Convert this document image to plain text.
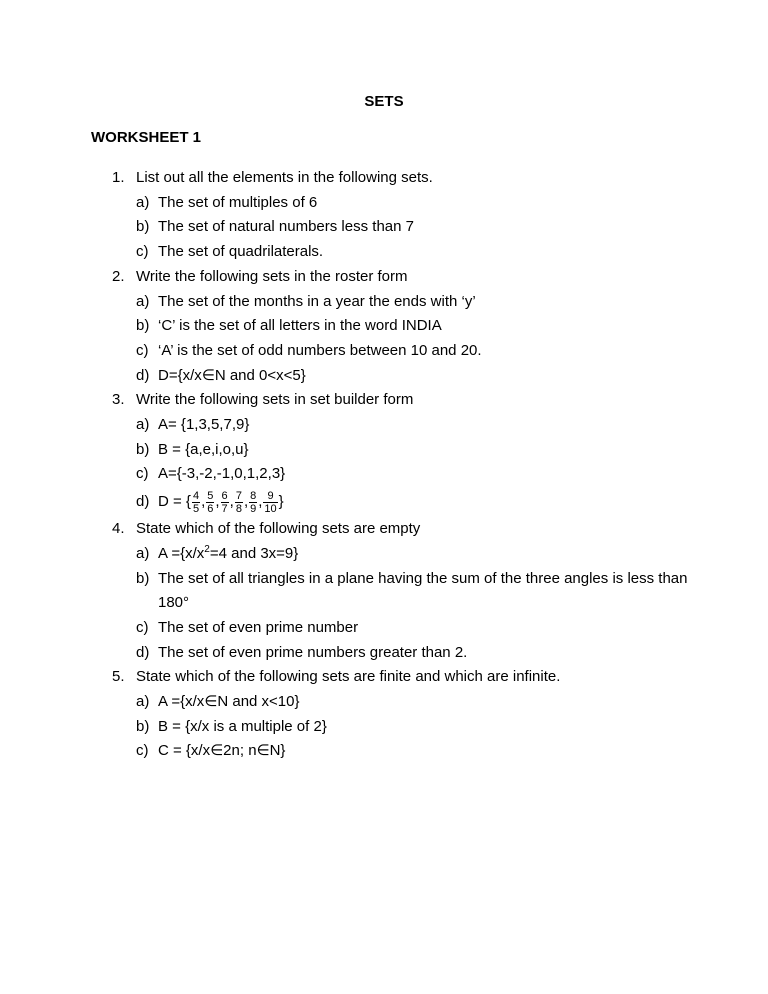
SETS
WORKSHEET 1
1. List out all the elements in the following sets.
a) The set of multiples of 6
b) The set of natural numbers less than 7
c) The set of quadrilaterals.
2. Write the following sets in the roster form
a) The set of the months in a year the ends with ‘y’
b) ‘C’ is the set of all letters in the word INDIA
c) ‘A’ is the set of odd numbers between 10 and 20.
d) D={x/x∈N and 0<x<5}
3. Write the following sets in set builder form
a) A= {1,3,5,7,9}
b) B = {a,e,i,o,u}
c) A={-3,-2,-1,0,1,2,3}
d) D = { $\frac{4}{5}$ , $\frac{5}{6}$ , $\frac{6}{7}$ , $\frac{7}{8}$ , $\frac{8}{9}$ , $\frac{9}{10}$ }
4. State which of the following sets are empty
a) $A =\{x/x^2=4$ and 3x=9}
b) The set of all triangles in a plane having the sum of the three angles is less than 180°
c) The set of even prime number
d) The set of even prime numbers greater than 2.
5. State which of the following sets are finite and which are infinite.
a) A ={x/x∈N and x<10}
b) B = {x/x is a multiple of 2}
c) C = {x/x∈2n; n∈N}
